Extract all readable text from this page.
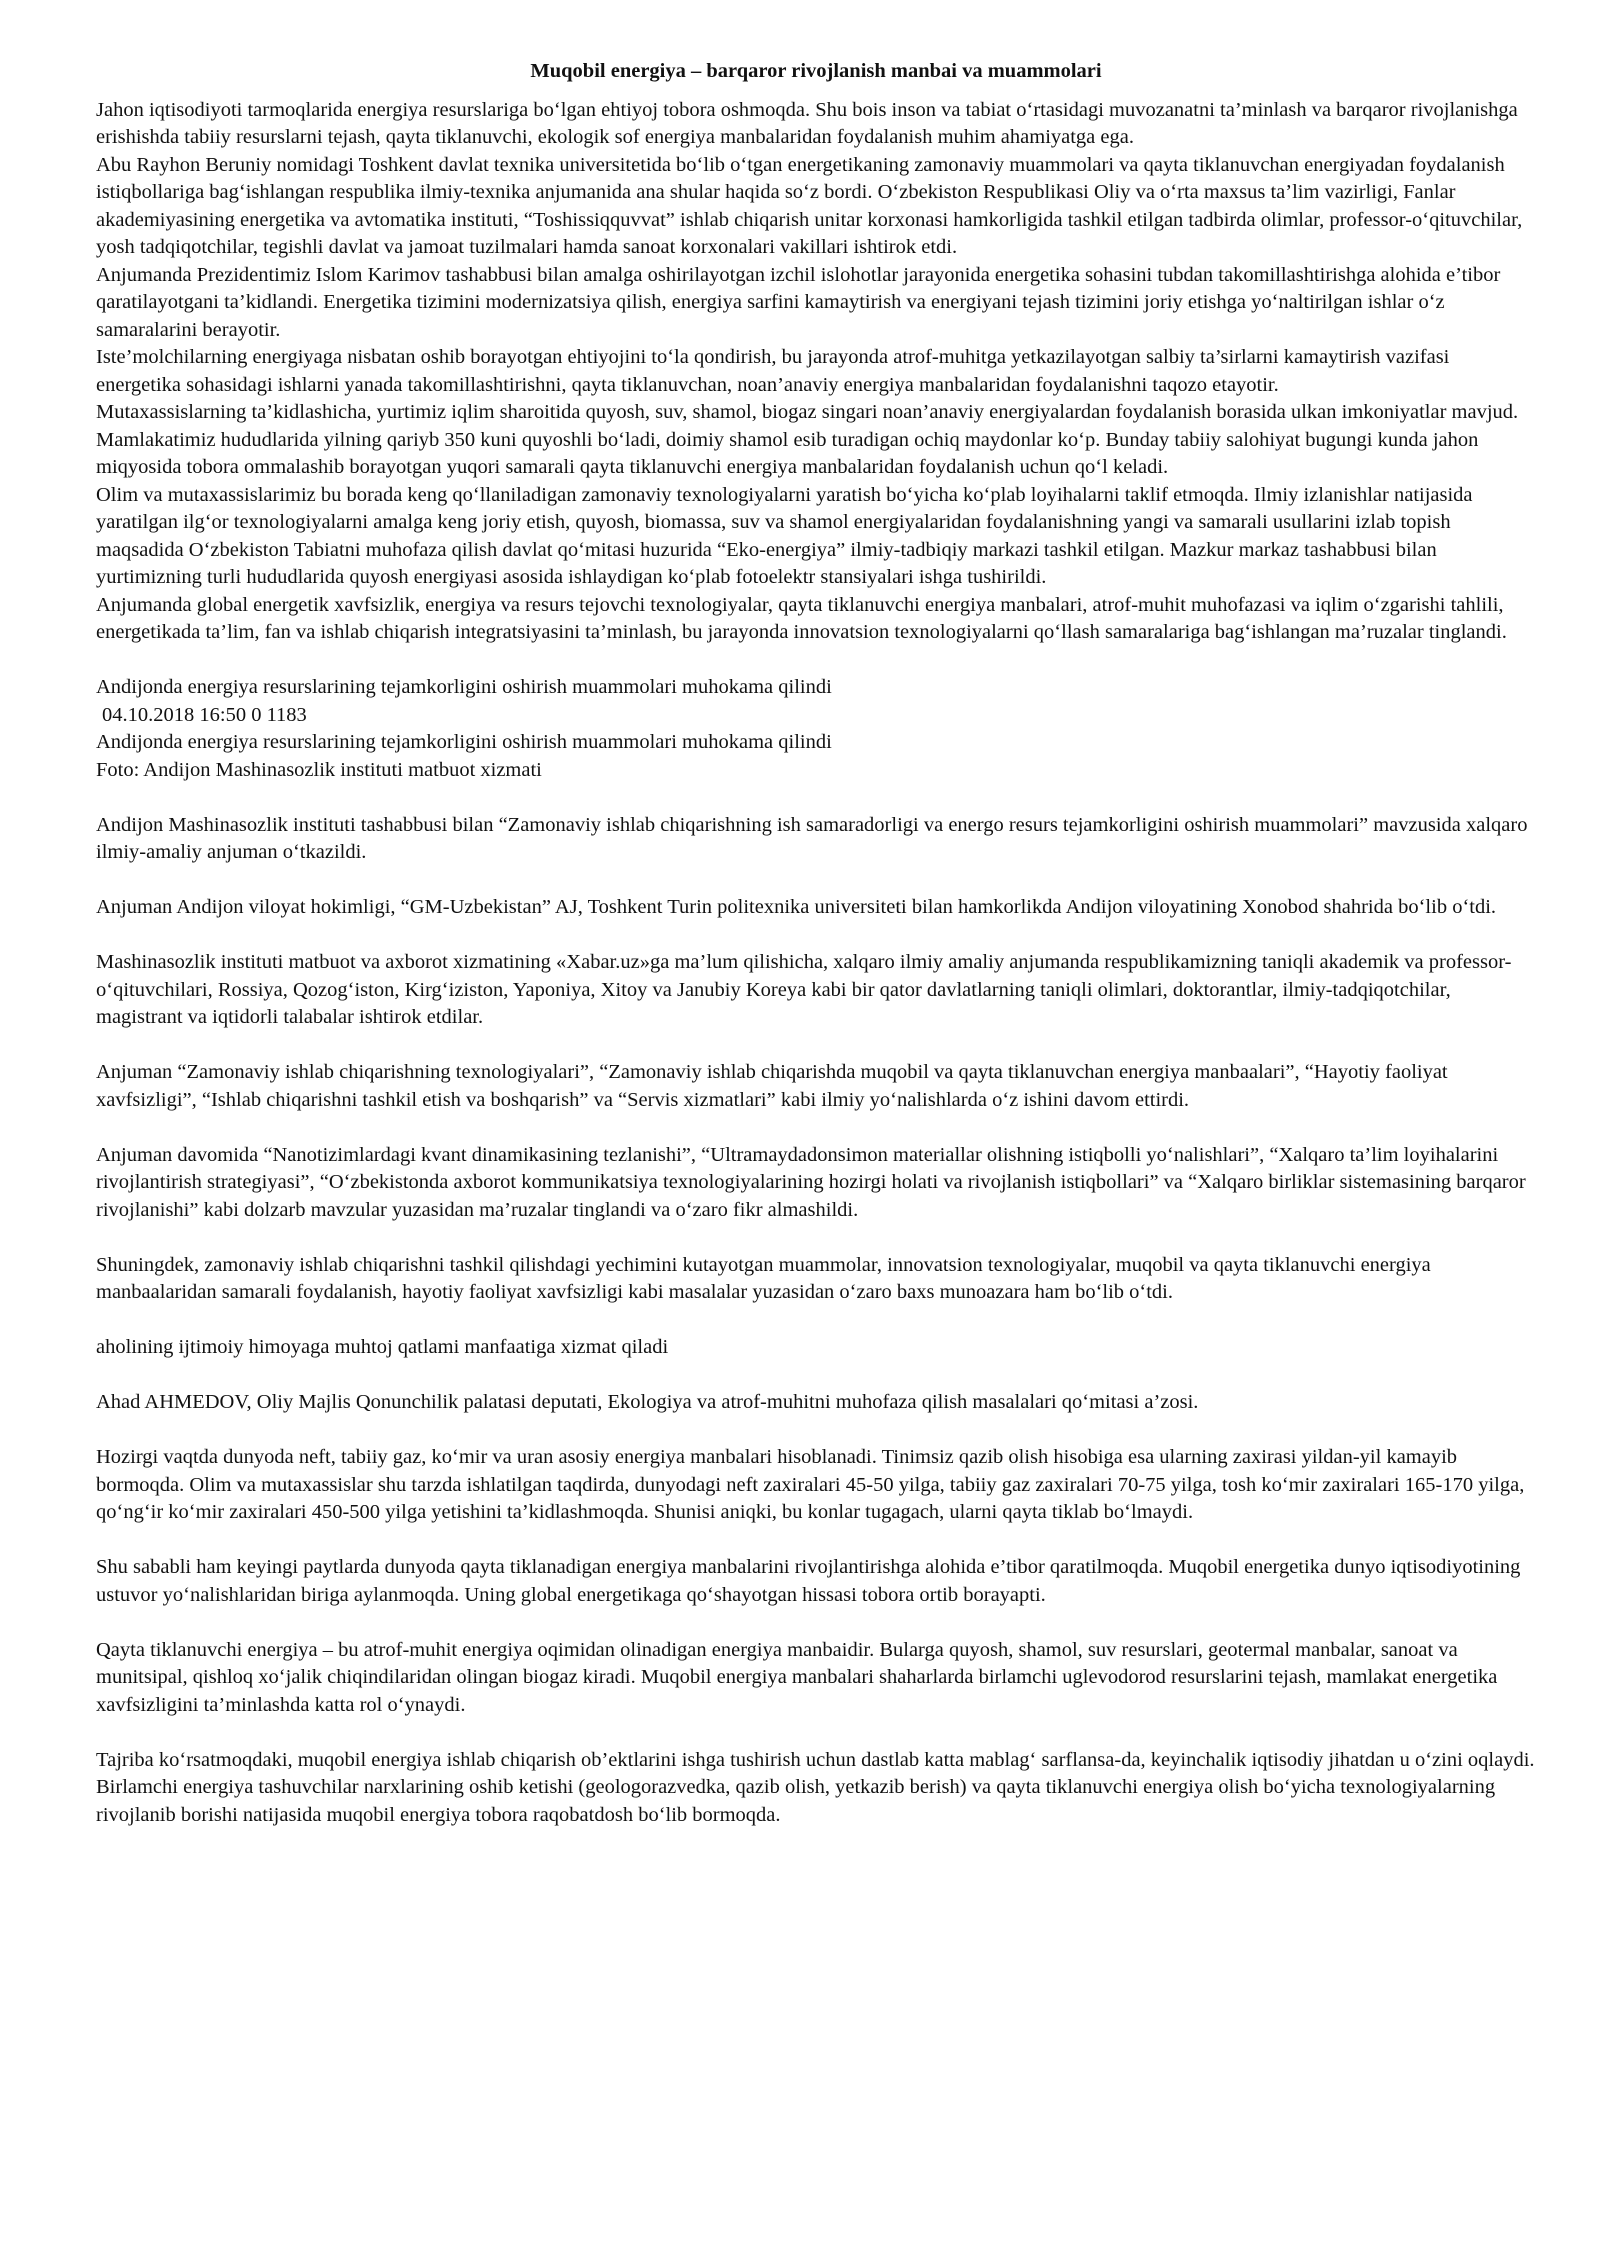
Muqobil energiya – barqaror rivojlanish manbai va muammolari

Jahon iqtisodiyoti tarmoqlarida energiya resurslariga bo‘lgan ehtiyoj tobora oshmoqda. Shu bois inson va tabiat o‘rtasidagi muvozanatni ta’minlash va barqaror rivojlanishga erishishda tabiiy resurslarni tejash, qayta tiklanuvchi, ekologik sof energiya manbalaridan foydalanish muhim ahamiyatga ega.

Abu Rayhon Beruniy nomidagi Toshkent davlat texnika universitetida bo‘lib o‘tgan energetikaning zamonaviy muammolari va qayta tiklanuvchan energiyadan foydalanish istiqbollariga bag‘ishlangan respublika ilmiy-texnika anjumanida ana shular haqida so‘z bordi. O‘zbekiston Respublikasi Oliy va o‘rta maxsus ta’lim vazirligi, Fanlar akademiyasining energetika va avtomatika instituti, “Toshissiqquvvat” ishlab chiqarish unitar korxonasi hamkorligida tashkil etilgan tadbirda olimlar, professor-o‘qituvchilar, yosh tadqiqotchilar, tegishli davlat va jamoat tuzilmalari hamda sanoat korxonalari vakillari ishtirok etdi.

Anjumanda Prezidentimiz Islom Karimov tashabbusi bilan amalga oshirilayotgan izchil islohotlar jarayonida energetika sohasini tubdan takomillashtirishga alohida e’tibor qaratilayotgani ta’kidlandi. Energetika tizimini modernizatsiya qilish, energiya sarfini kamaytirish va energiyani tejash tizimini joriy etishga yo‘naltirilgan ishlar o‘z samaralarini berayotir.

Iste’molchilarning energiyaga nisbatan oshib borayotgan ehtiyojini to‘la qondirish, bu jarayonda atrof-muhitga yetkazilayotgan salbiy ta’sirlarni kamaytirish vazifasi energetika sohasidagi ishlarni yanada takomillashtirishni, qayta tiklanuvchan, noan’anaviy energiya manbalaridan foydalanishni taqozo etayotir.

Mutaxassislarning ta’kidlashicha, yurtimiz iqlim sharoitida quyosh, suv, shamol, biogaz singari noan’anaviy energiyalardan foydalanish borasida ulkan imkoniyatlar mavjud. Mamlakatimiz hududlarida yilning qariyb 350 kuni quyoshli bo‘ladi, doimiy shamol esib turadigan ochiq maydonlar ko‘p. Bunday tabiiy salohiyat bugungi kunda jahon miqyosida tobora ommalashib borayotgan yuqori samarali qayta tiklanuvchi energiya manbalaridan foydalanish uchun qo‘l keladi.

Olim va mutaxassislarimiz bu borada keng qo‘llaniladigan zamonaviy texnologiyalarni yaratish bo‘yicha ko‘plab loyihalarni taklif etmoqda. Ilmiy izlanishlar natijasida yaratilgan ilg‘or texnologiyalarni amalga keng joriy etish, quyosh, biomassa, suv va shamol energiyalaridan foydalanishning yangi va samarali usullarini izlab topish maqsadida O‘zbekiston Tabiatni muhofaza qilish davlat qo‘mitasi huzurida “Eko-energiya” ilmiy-tadbiqiy markazi tashkil etilgan. Mazkur markaz tashabbusi bilan yurtimizning turli hududlarida quyosh energiyasi asosida ishlaydigan ko‘plab fotoelektr stansiyalari ishga tushirildi.

Anjumanda global energetik xavfsizlik, energiya va resurs tejovchi texnologiyalar, qayta tiklanuvchi energiya manbalari, atrof-muhit muhofazasi va iqlim o‘zgarishi tahlili, energetikada ta’lim, fan va ishlab chiqarish integratsiyasini ta’minlash, bu jarayonda innovatsion texnologiyalarni qo‘llash samaralariga bag‘ishlangan ma’ruzalar tinglandi.

Andijonda energiya resurslarining tejamkorligini oshirish muammolari muhokama qilindi

04.10.2018 16:50 0 1183

Andijonda energiya resurslarining tejamkorligini oshirish muammolari muhokama qilindi

Foto: Andijon Mashinasozlik instituti matbuot xizmati

Andijon Mashinasozlik instituti tashabbusi bilan “Zamonaviy ishlab chiqarishning ish samaradorligi va energo resurs tejamkorligini oshirish muammolari” mavzusida xalqaro ilmiy-amaliy anjuman o‘tkazildi.

Anjuman Andijon viloyat hokimligi, “GM-Uzbekistan” AJ, Toshkent Turin politexnika universiteti bilan hamkorlikda Andijon viloyatining Xonobod shahrida bo‘lib o‘tdi.

Mashinasozlik instituti matbuot va axborot xizmatining «Xabar.uz»ga ma’lum qilishicha, xalqaro ilmiy amaliy anjumanda respublikamizning taniqli akademik va professor-o‘qituvchilari, Rossiya, Qozog‘iston, Kirg‘iziston, Yaponiya, Xitoy va Janubiy Koreya kabi bir qator davlatlarning taniqli olimlari, doktorantlar, ilmiy-tadqiqotchilar, magistrant va iqtidorli talabalar ishtirok etdilar.

Anjuman “Zamonaviy ishlab chiqarishning texnologiyalari”, “Zamonaviy ishlab chiqarishda muqobil va qayta tiklanuvchan energiya manbaalari”, “Hayotiy faoliyat xavfsizligi”, “Ishlab chiqarishni tashkil etish va boshqarish” va “Servis xizmatlari” kabi ilmiy yo‘nalishlarda o‘z ishini davom ettirdi.

Anjuman davomida “Nanotizimlardagi kvant dinamikasining tezlanishi”, “Ultramaydadonsimon materiallar olishning istiqbolli yo‘nalishlari”, “Xalqaro ta’lim loyihalarini rivojlantirish strategiyasi”, “O‘zbekistonda axborot kommunikatsiya texnologiyalarining hozirgi holati va rivojlanish istiqbollari” va “Xalqaro birliklar sistemasining barqaror rivojlanishi” kabi dolzarb mavzular yuzasidan ma’ruzalar tinglandi va o‘zaro fikr almashildi.

Shuningdek, zamonaviy ishlab chiqarishni tashkil qilishdagi yechimini kutayotgan muammolar, innovatsion texnologiyalar, muqobil va qayta tiklanuvchi energiya manbaalaridan samarali foydalanish, hayotiy faoliyat xavfsizligi kabi masalalar yuzasidan o‘zaro baxs munoazara ham bo‘lib o‘tdi.

aholining ijtimoiy himoyaga muhtoj qatlami manfaatiga xizmat qiladi

Ahad AHMEDOV, Oliy Majlis Qonunchilik palatasi deputati, Ekologiya va atrof-muhitni muhofaza qilish masalalari qo‘mitasi a’zosi.

Hozirgi vaqtda dunyoda neft, tabiiy gaz, ko‘mir va uran asosiy energiya manbalari hisoblanadi. Tinimsiz qazib olish hisobiga esa ularning zaxirasi yildan-yil kamayib bormoqda. Olim va mutaxassislar shu tarzda ishlatilgan taqdirda, dunyodagi neft zaxiralari 45-50 yilga, tabiiy gaz zaxiralari 70-75 yilga, tosh ko‘mir zaxiralari 165-170 yilga, qo‘ng‘ir ko‘mir zaxiralari 450-500 yilga yetishini ta’kidlashmoqda. Shunisi aniqki, bu konlar tugagach, ularni qayta tiklab bo‘lmaydi.

Shu sababli ham keyingi paytlarda dunyoda qayta tiklanadigan energiya manbalarini rivojlantirishga alohida e’tibor qaratilmoqda. Muqobil energetika dunyo iqtisodiyotining ustuvor yo‘nalishlaridan biriga aylanmoqda. Uning global energetikaga qo‘shayotgan hissasi tobora ortib borayapti.

Qayta tiklanuvchi energiya – bu atrof-muhit energiya oqimidan olinadigan energiya manbaidir. Bularga quyosh, shamol, suv resurslari, geotermal manbalar, sanoat va munitsipal, qishloq xo‘jalik chiqindilaridan olingan biogaz kiradi. Muqobil energiya manbalari shaharlarda birlamchi uglevodorod resurslarini tejash, mamlakat energetika xavfsizligini ta’minlashda katta rol o‘ynaydi.

Tajriba ko‘rsatmoqdaki, muqobil energiya ishlab chiqarish ob’ektlarini ishga tushirish uchun dastlab katta mablag‘ sarflansa-da, keyinchalik iqtisodiy jihatdan u o‘zini oqlaydi. Birlamchi energiya tashuvchilar narxlarining oshib ketishi (geologorazvedka, qazib olish, yetkazib berish) va qayta tiklanuvchi energiya olish bo‘yicha texnologiyalarning rivojlanib borishi natijasida muqobil energiya tobora raqobatdosh bo‘lib bormoqda.
